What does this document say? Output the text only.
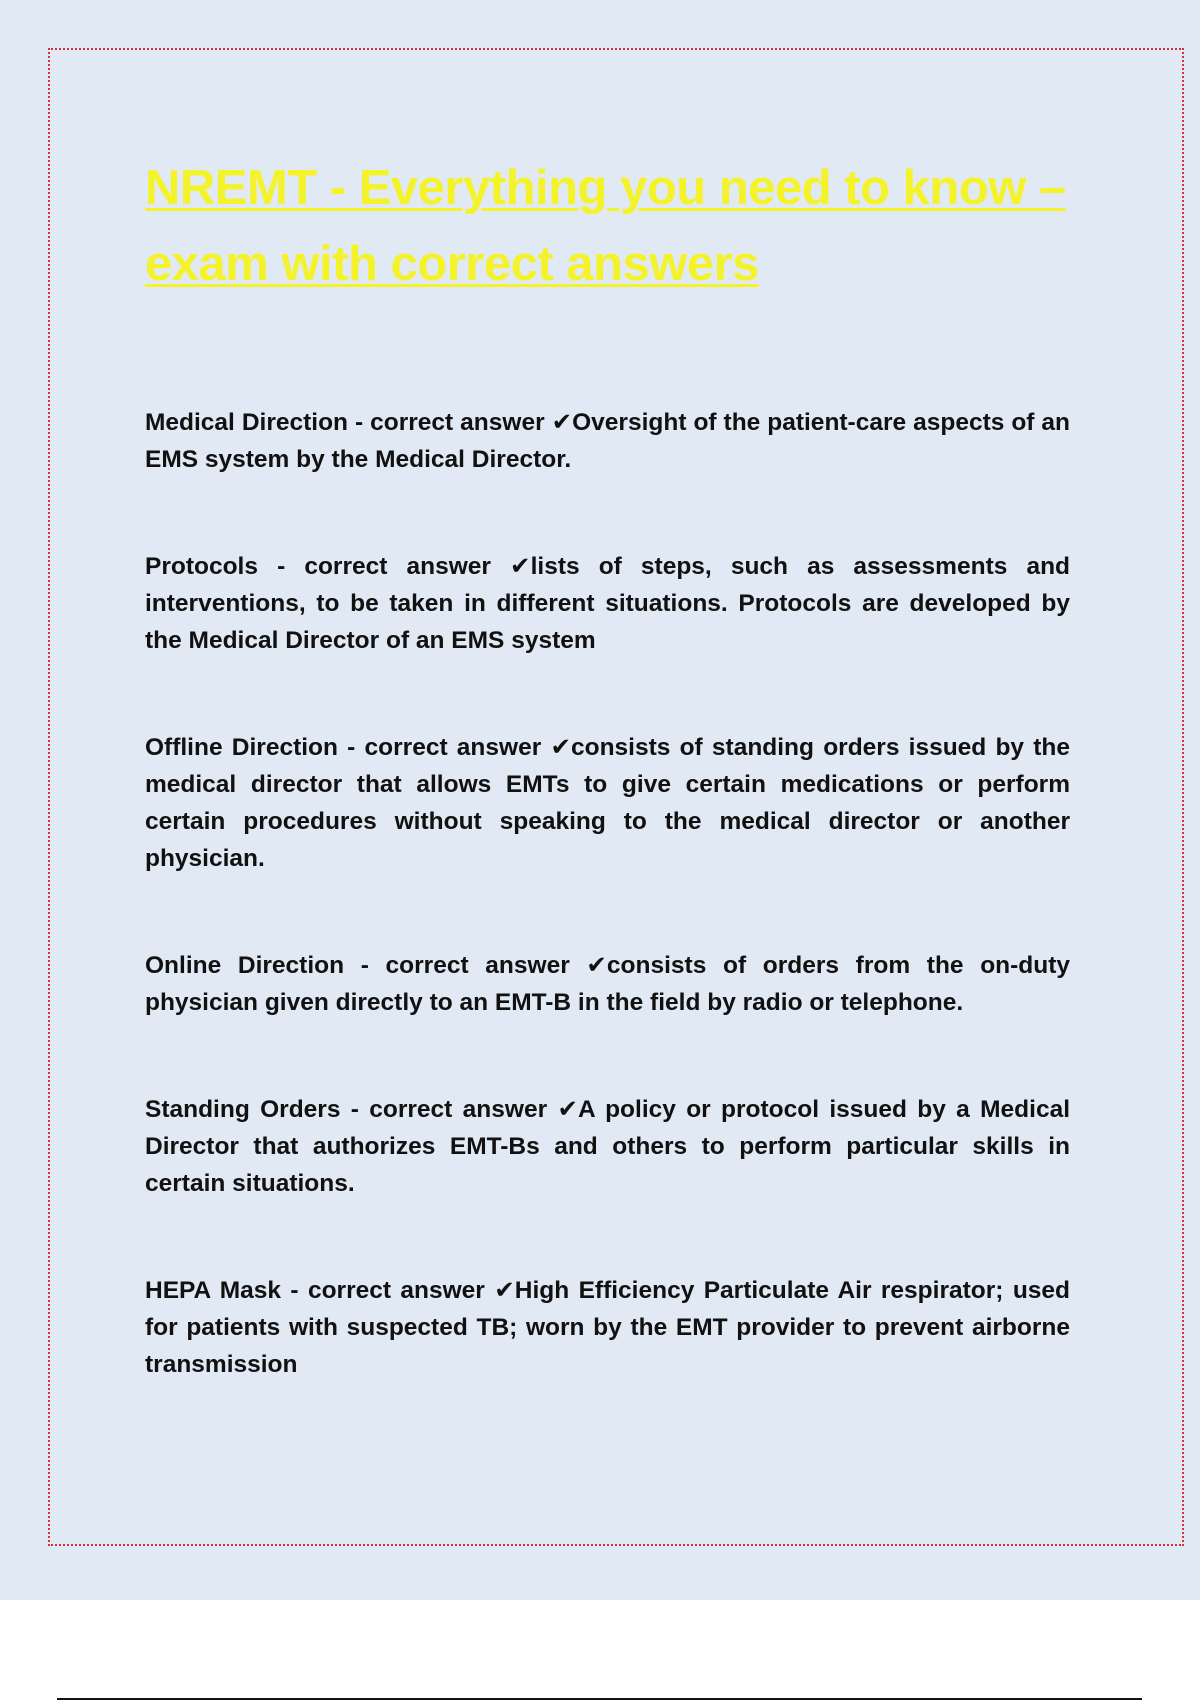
NREMT - Everything you need to know – exam with correct answers

Medical Direction - correct answer ✔Oversight of the patient-care aspects of an EMS system by the Medical Director.

Protocols - correct answer ✔lists of steps, such as assessments and interventions, to be taken in different situations. Protocols are developed by the Medical Director of an EMS system

Offline Direction - correct answer ✔consists of standing orders issued by the medical director that allows EMTs to give certain medications or perform certain procedures without speaking to the medical director or another physician.

Online Direction - correct answer ✔consists of orders from the on-duty physician given directly to an EMT-B in the field by radio or telephone.

Standing Orders - correct answer ✔A policy or protocol issued by a Medical Director that authorizes EMT-Bs and others to perform particular skills in certain situations.

HEPA Mask - correct answer ✔High Efficiency Particulate Air respirator; used for patients with suspected TB; worn by the EMT provider to prevent airborne transmission
